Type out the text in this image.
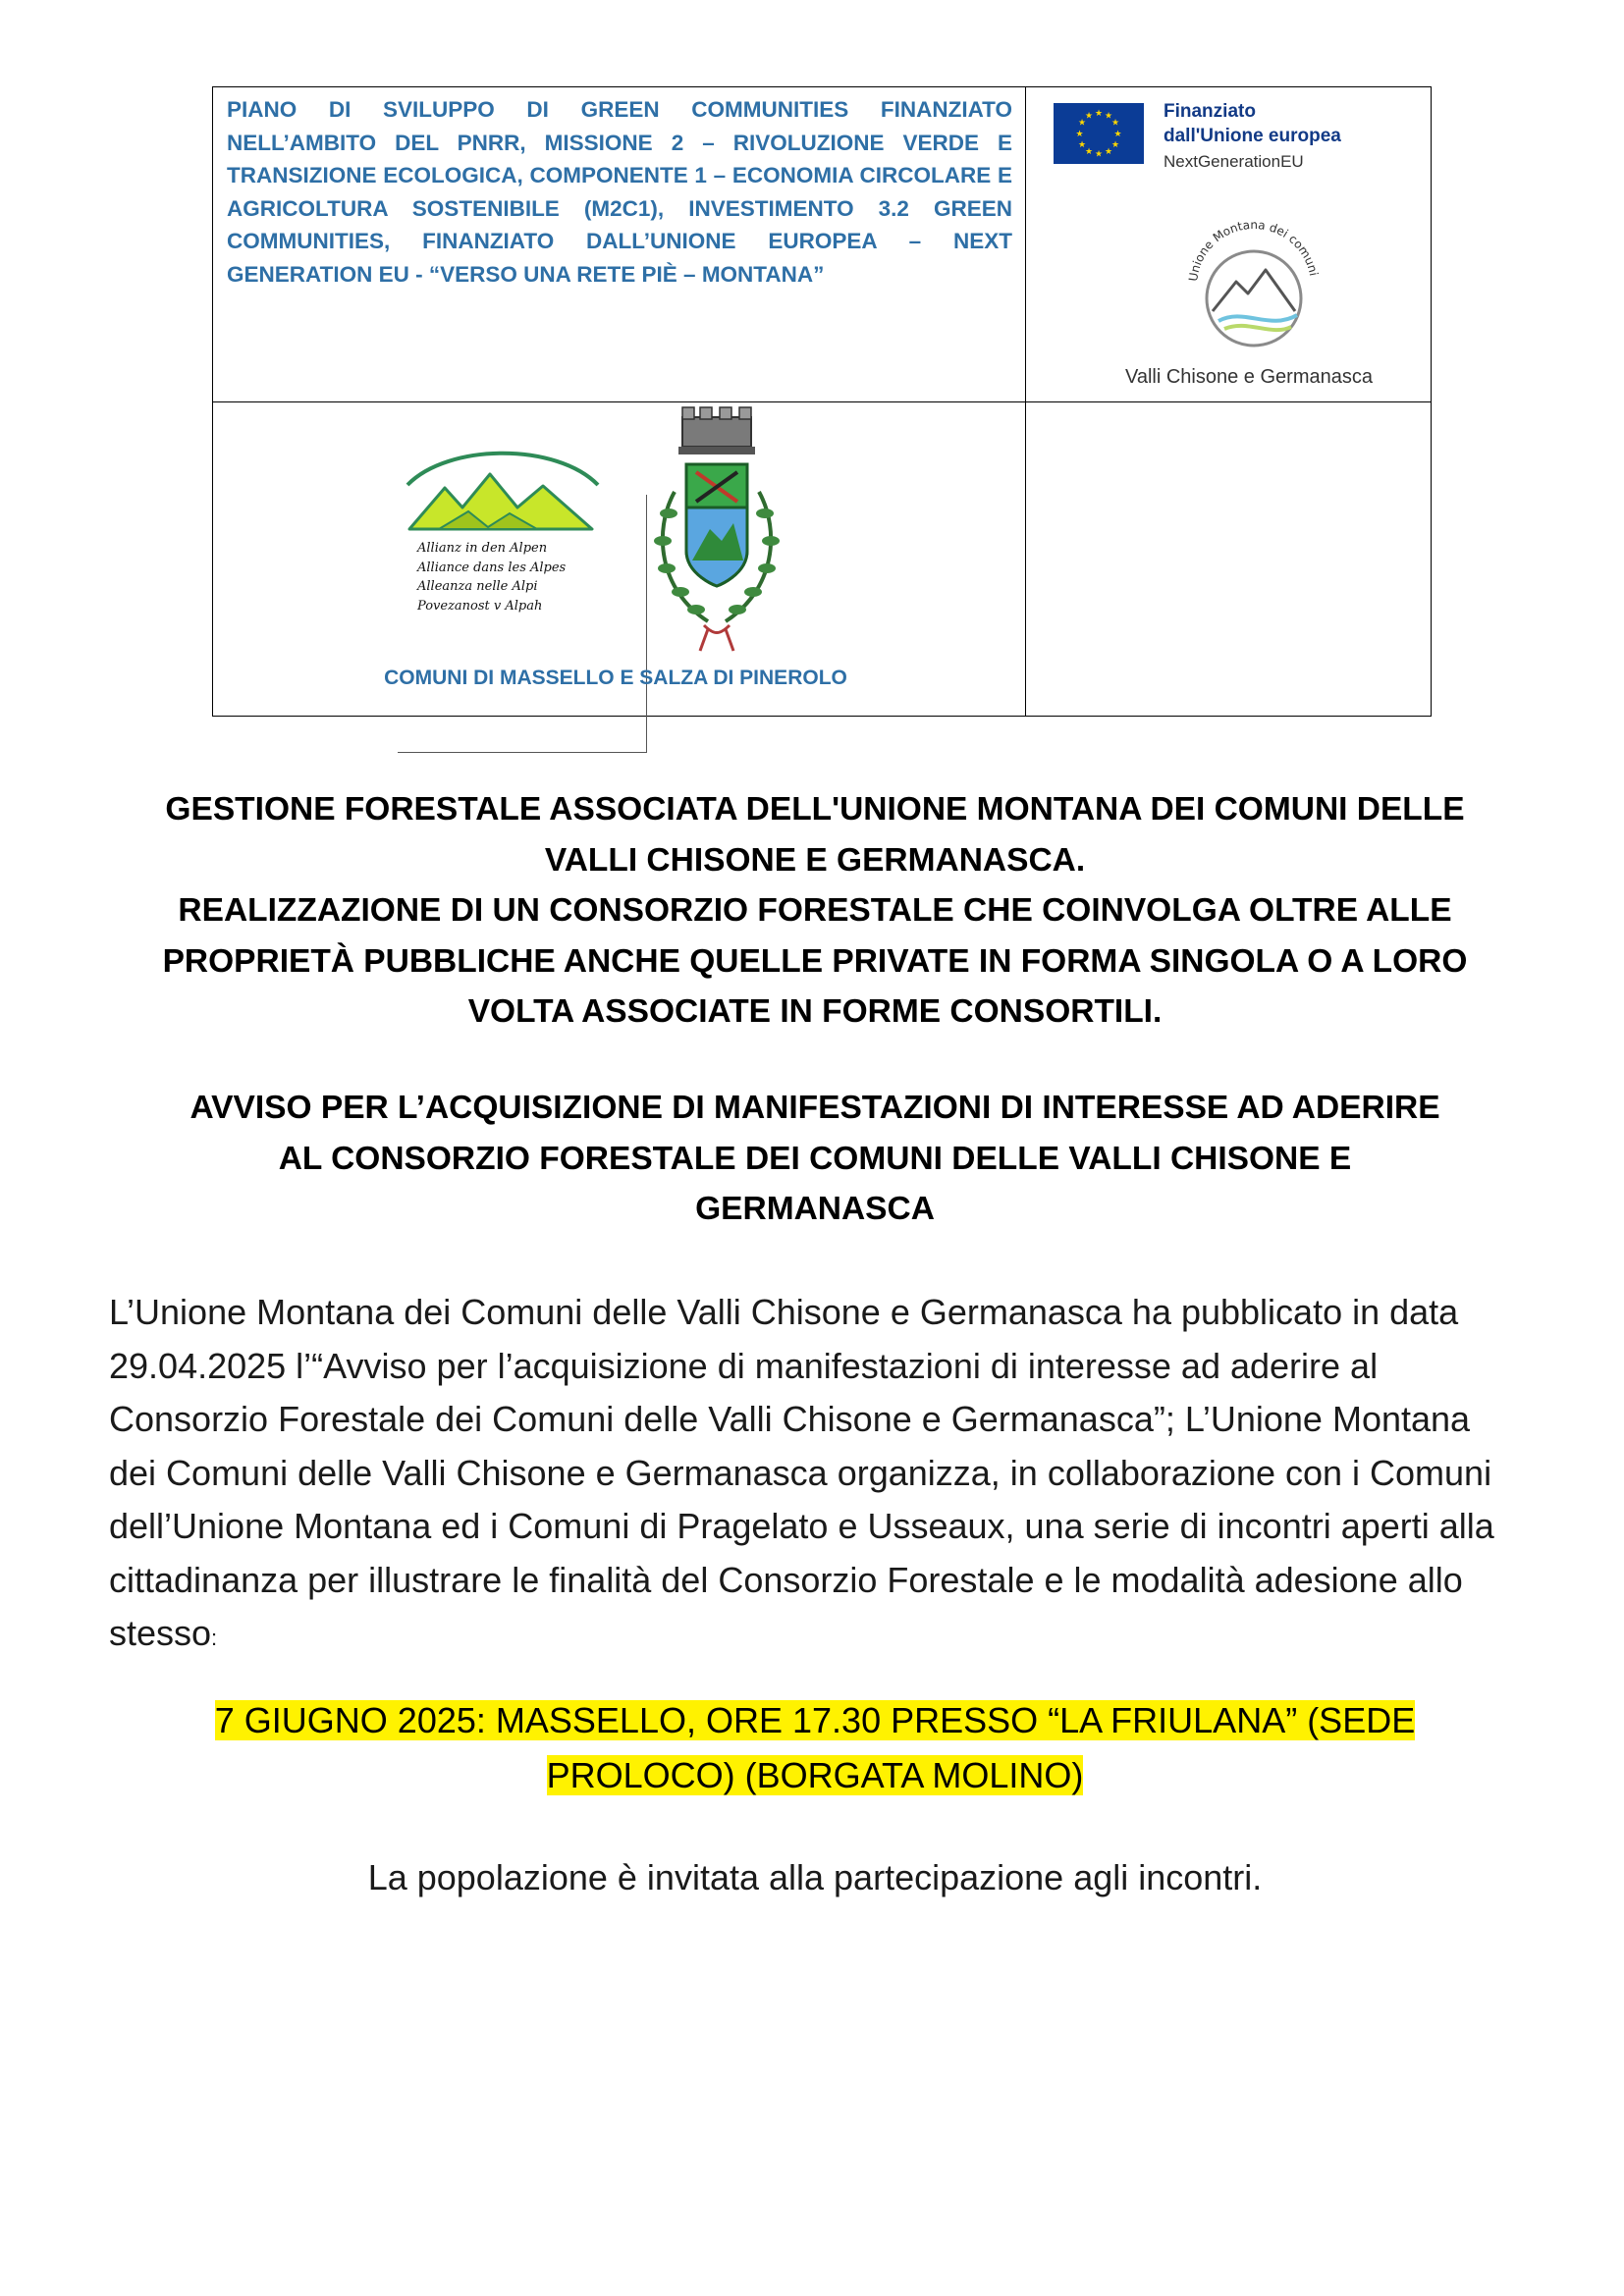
PIANO DI SVILUPPO DI GREEN COMMUNITIES FINANZIATO NELL’AMBITO DEL PNRR, MISSIONE 2 – RIVOLUZIONE VERDE E TRANSIZIONE ECOLOGICA, COMPONENTE 1 – ECONOMIA CIRCOLARE E AGRICOLTURA SOSTENIBILE (M2C1), INVESTIMENTO 3.2 GREEN COMMUNITIES, FINANZIATO DALL’UNIONE EUROPEA – NEXT GENERATION EU - “VERSO UNA RETE PIÈ – MONTANA”

★ ★
★
★
★
★
★
★
★
★
★
★	Finanziato
dall'Unione europea
NextGenerationEU
Unione Montana dei comuni
Valli Chisone e Germanasca
Allianz in den Alpen
Alliance dans les Alpes
Alleanza nelle Alpi
Povezanost v Alpah
COMUNI DI MASSELLO E SALZA DI PINEROLO
GESTIONE FORESTALE ASSOCIATA DELL'UNIONE MONTANA DEI COMUNI DELLE
VALLI CHISONE E GERMANASCA.
REALIZZAZIONE DI UN CONSORZIO FORESTALE CHE COINVOLGA OLTRE ALLE
PROPRIETÀ PUBBLICHE ANCHE QUELLE PRIVATE IN FORMA SINGOLA O A LORO
VOLTA ASSOCIATE IN FORME CONSORTILI.
AVVISO PER L’ACQUISIZIONE DI MANIFESTAZIONI DI INTERESSE AD ADERIRE
AL CONSORZIO FORESTALE DEI COMUNI DELLE VALLI CHISONE E
GERMANASCA

L’Unione Montana dei Comuni delle Valli Chisone e Germanasca ha pubblicato in data 29.04.2025 l’“Avviso per l’acquisizione di manifestazioni di interesse ad aderire al Consorzio Forestale dei Comuni delle Valli Chisone e Germanasca”; L’Unione Montana dei Comuni delle Valli Chisone e Germanasca organizza, in collaborazione con i Comuni dell’Unione Montana ed i Comuni di Pragelato e Usseaux, una serie di incontri aperti alla cittadinanza per illustrare le finalità del Consorzio Forestale e le modalità adesione allo stesso:

7 GIUGNO 2025: MASSELLO, ORE 17.30 PRESSO “LA FRIULANA” (SEDE
PROLOCO) (BORGATA MOLINO)

La popolazione è invitata alla partecipazione agli incontri.
